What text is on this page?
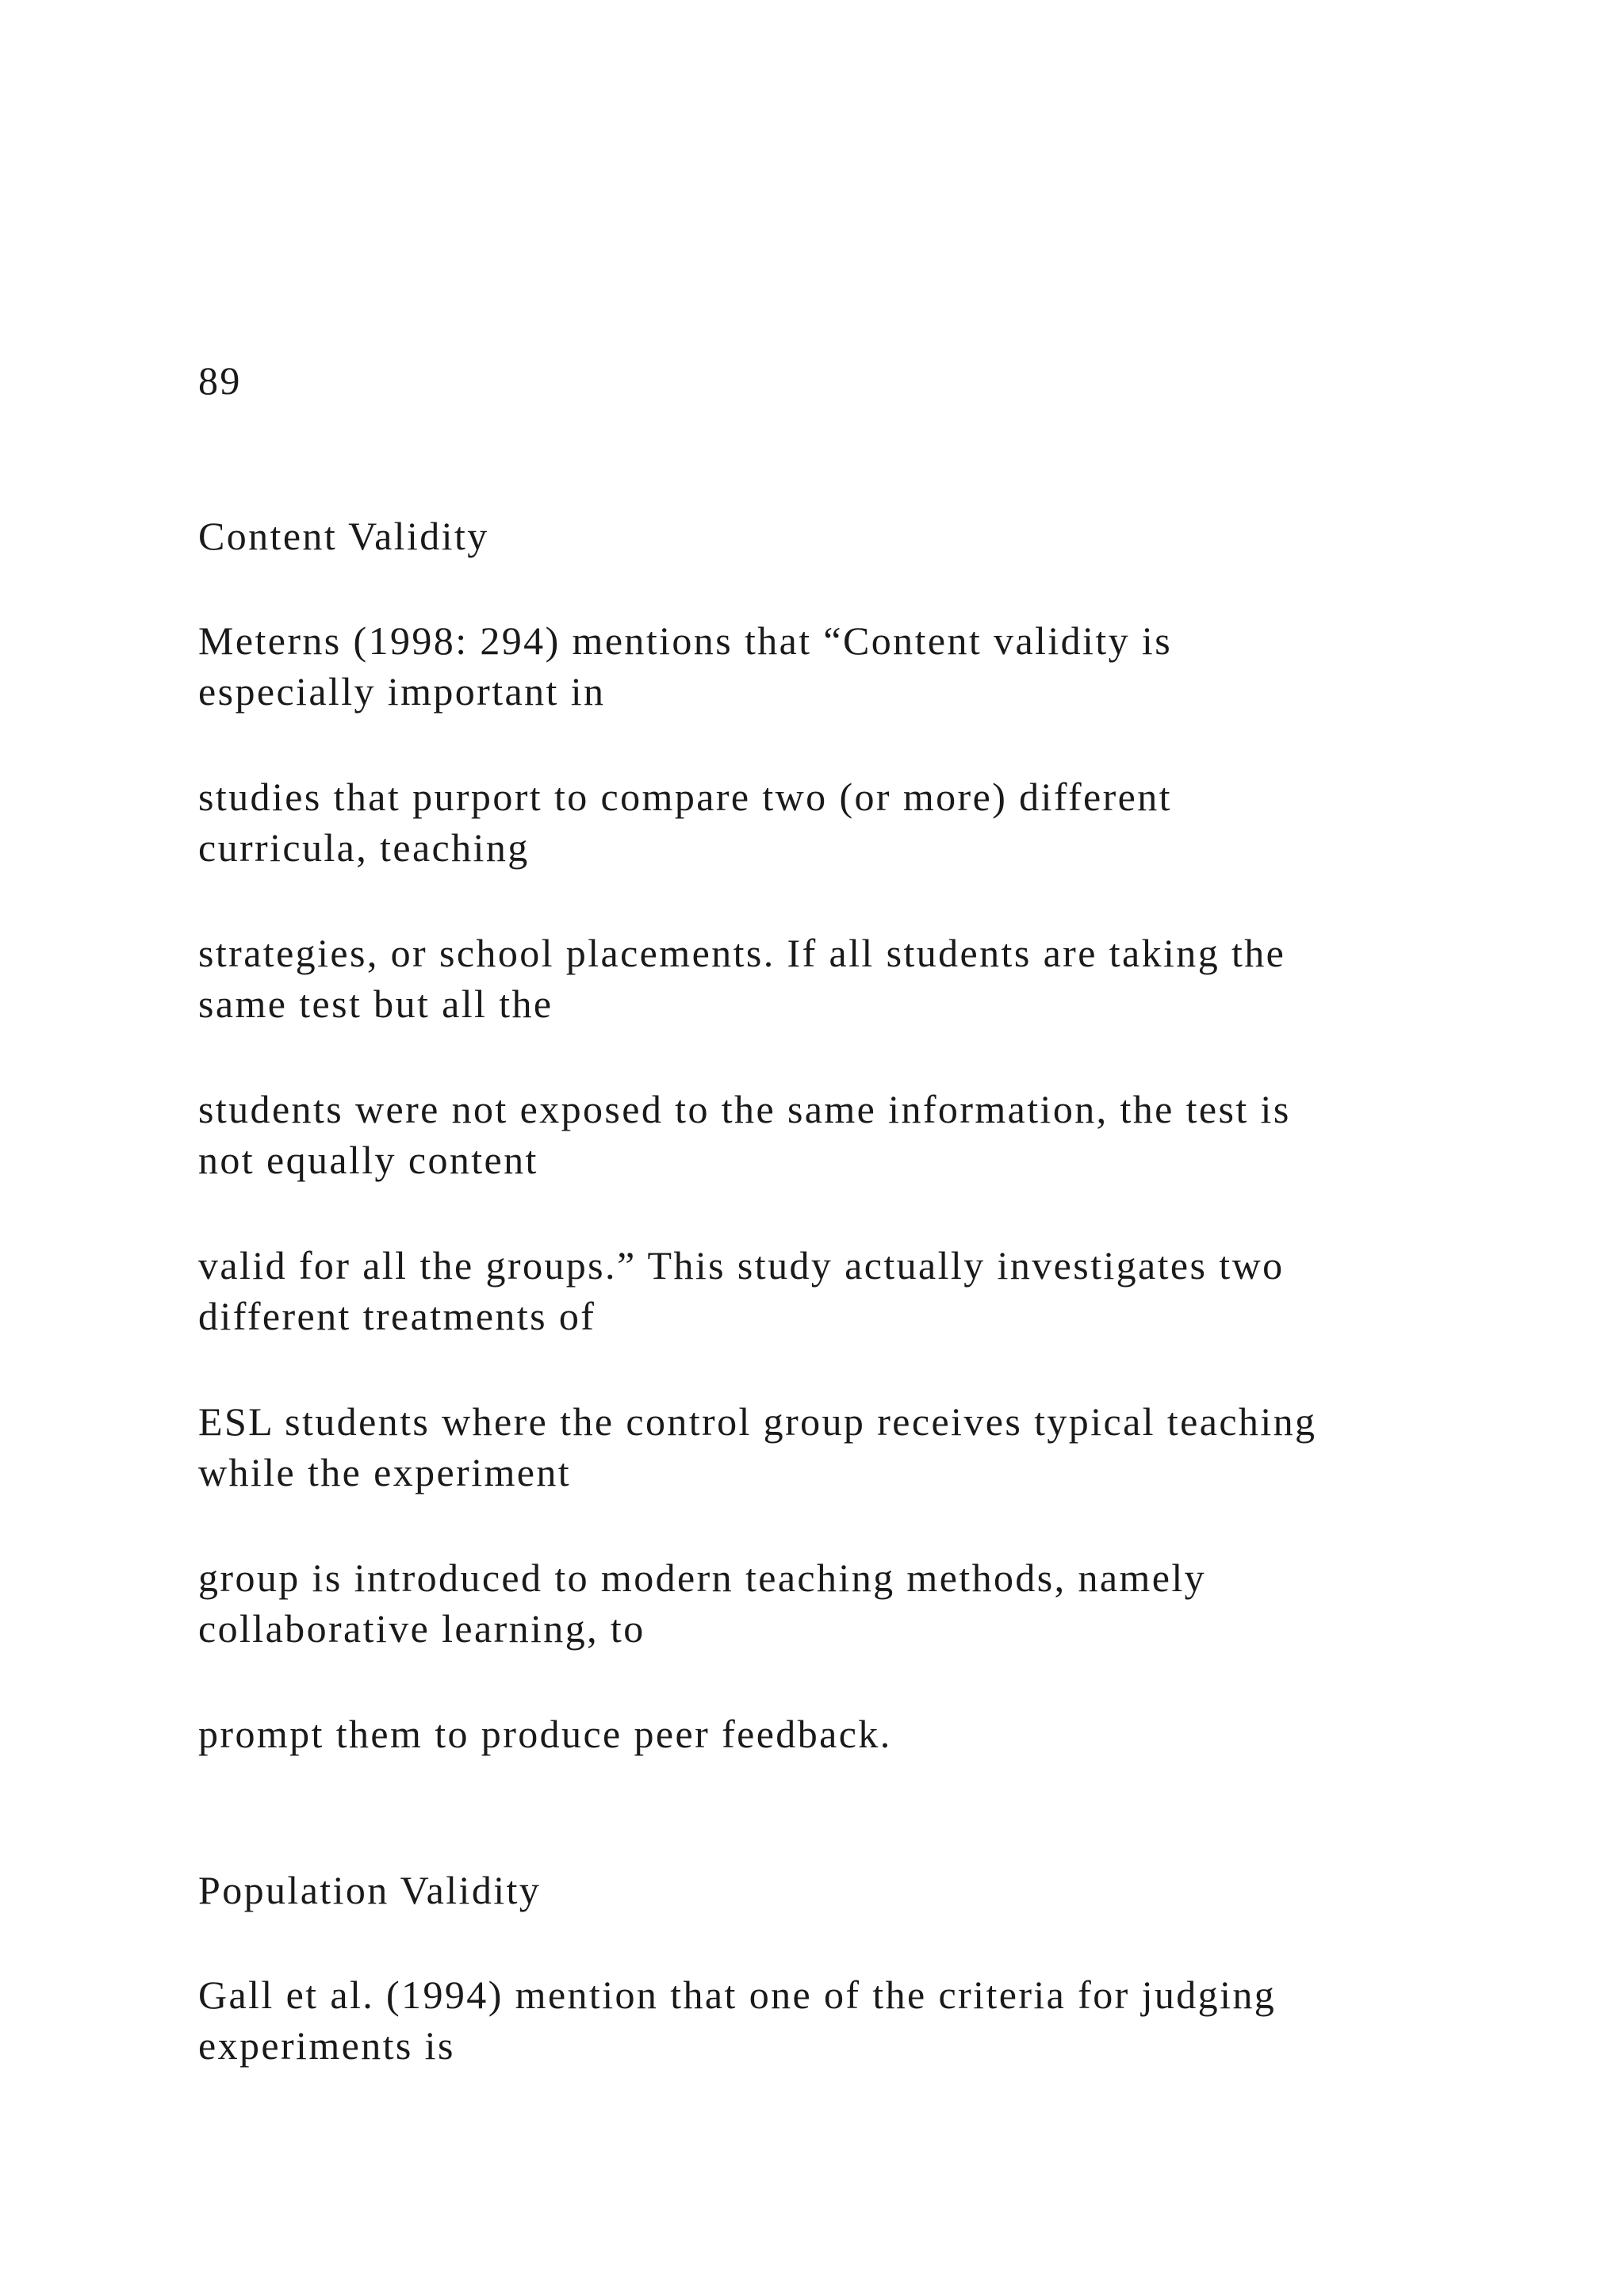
89

Content Validity

Meterns (1998: 294) mentions that “Content validity is

especially important in

studies that purport to compare two (or more) different

curricula, teaching

strategies, or school placements. If all students are taking the

same test but all the

students were not exposed to the same information, the test is

not equally content

valid for all the groups.” This study actually investigates two

different treatments of

ESL students where the control group receives typical teaching

while the experiment

group is introduced to modern teaching methods, namely

collaborative learning, to

prompt them to produce peer feedback.

Population Validity

Gall et al. (1994) mention that one of the criteria for judging

experiments is
